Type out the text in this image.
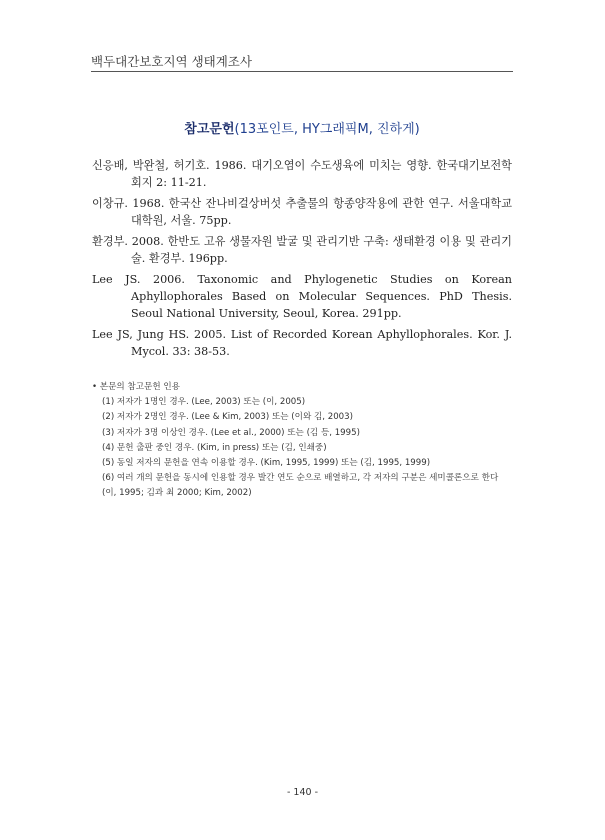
백두대간보호지역 생태계조사
참고문헌(13포인트, HY그래픽M, 진하게)

신응배, 박완철, 허기호. 1986. 대기오염이 수도생육에 미치는 영향. 한국대기보전학회지 2: 11-21.

이창규. 1968. 한국산 잔나비걸상버섯 추출물의 항종양작용에 관한 연구. 서울대학교 대학원, 서울. 75pp.

환경부. 2008. 한반도 고유 생물자원 발굴 및 관리기반 구축: 생태환경 이용 및 관리기술. 환경부. 196pp.

Lee JS. 2006. Taxonomic and Phylogenetic Studies on Korean Aphyllophorales Based on Molecular Sequences. PhD Thesis. Seoul National University, Seoul, Korea. 291pp.

Lee JS, Jung HS. 2005. List of Recorded Korean Aphyllophorales. Kor. J. Mycol. 33: 38-53.

• 본문의 참고문헌 인용
(1) 저자가 1명인 경우. (Lee, 2003) 또는 (이, 2005)
(2) 저자가 2명인 경우. (Lee & Kim, 2003) 또는 (이와 김, 2003)
(3) 저자가 3명 이상인 경우. (Lee et al., 2000) 또는 (김 등, 1995)
(4) 문헌 출판 중인 경우. (Kim, in press) 또는 (김, 인쇄중)
(5) 동일 저자의 문헌을 연속 이용할 경우. (Kim, 1995, 1999) 또는 (김, 1995, 1999)
(6) 여러 개의 문헌을 동시에 인용할 경우 발간 연도 순으로 배열하고, 각 저자의 구분은 세미콜론으로 한다(이, 1995; 김과 최 2000; Kim, 2002)
- 140 -
